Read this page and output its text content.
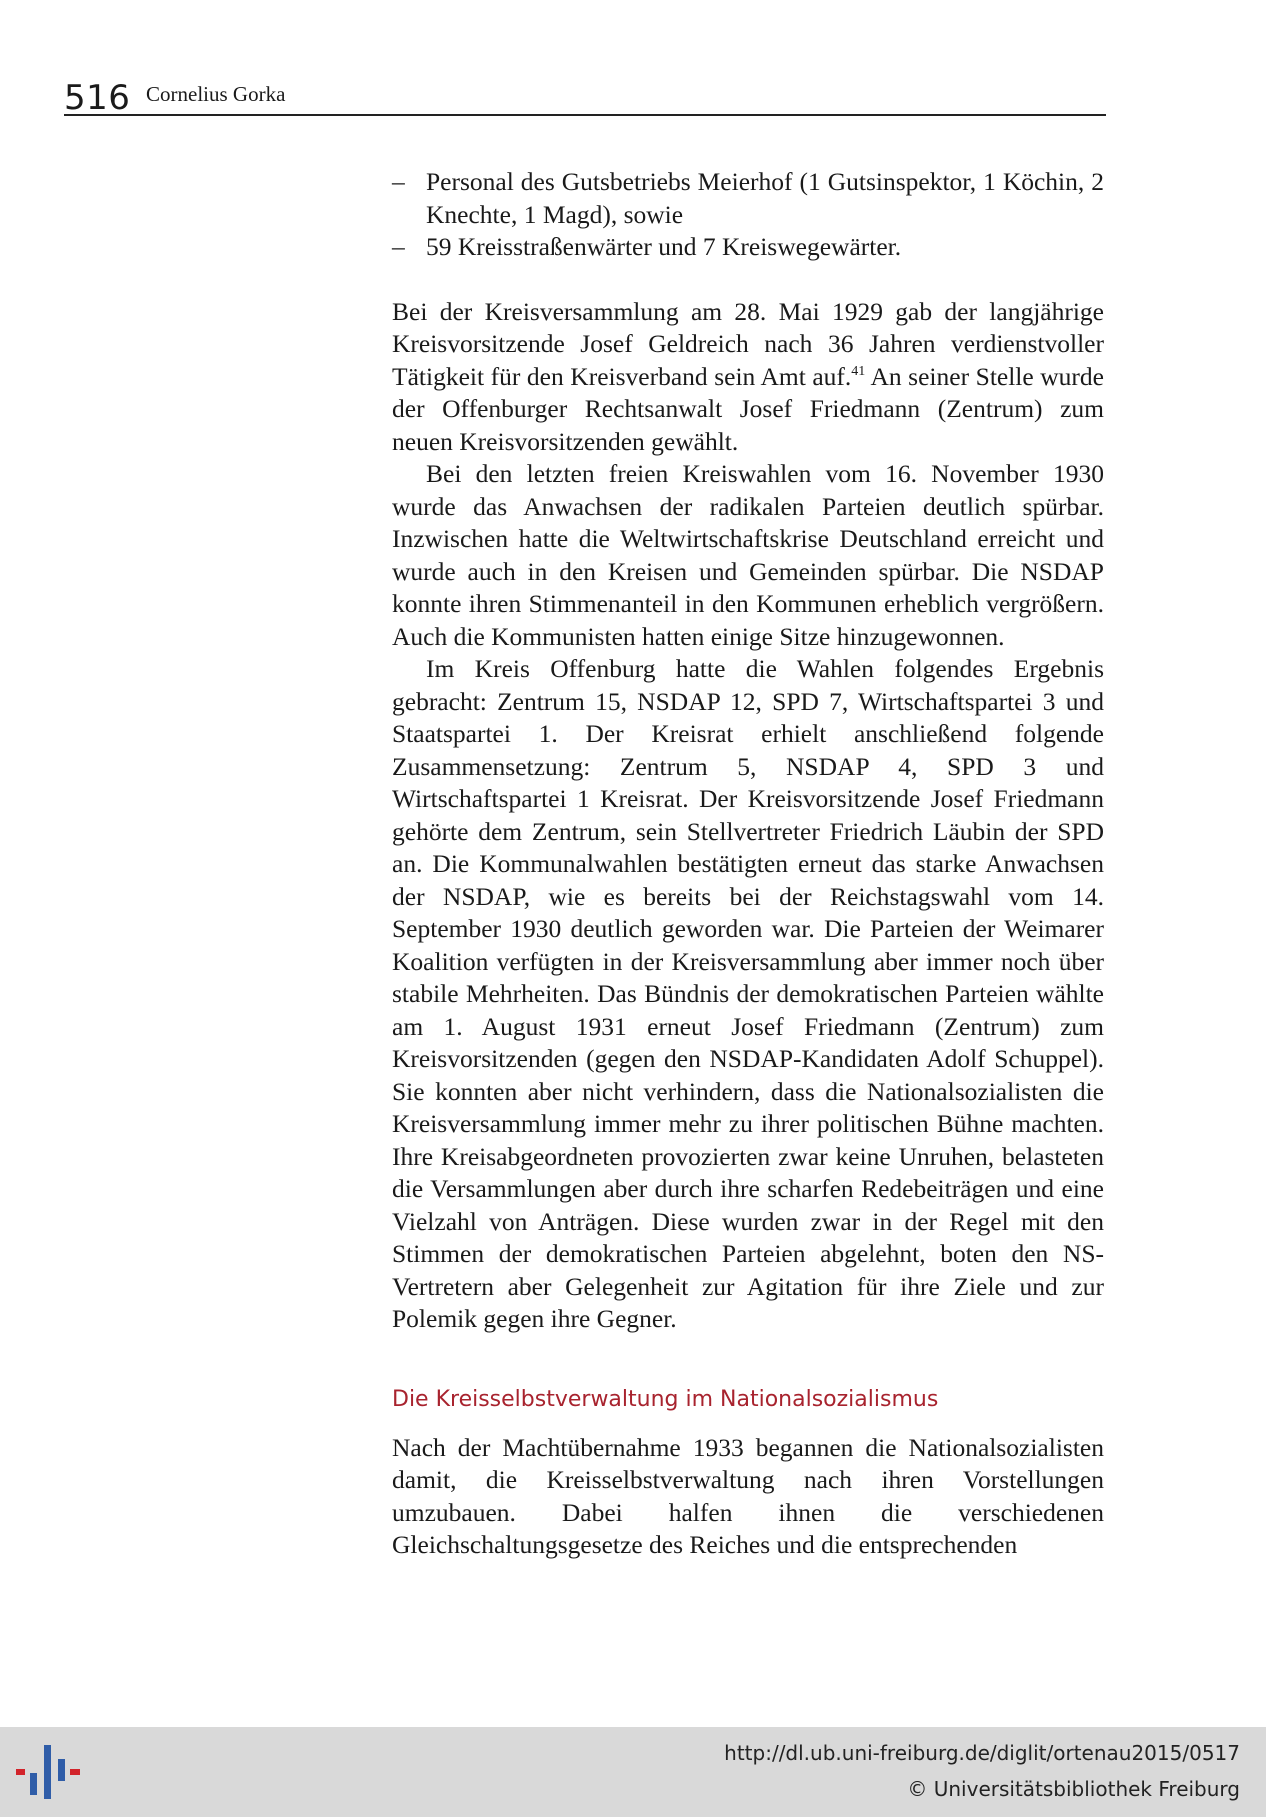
516 Cornelius Gorka
– Personal des Gutsbetriebs Meierhof (1 Gutsinspektor, 1 Köchin, 2 Knechte, 1 Magd), sowie
– 59 Kreisstraßenwärter und 7 Kreiswegewärter.

Bei der Kreisversammlung am 28. Mai 1929 gab der langjährige Kreisvorsitzende Josef Geldreich nach 36 Jahren verdienstvoller Tätigkeit für den Kreisverband sein Amt auf.$^{41}$ An seiner Stelle wurde der Offenburger Rechtsanwalt Josef Friedmann (Zentrum) zum neuen Kreisvorsitzenden gewählt.

Bei den letzten freien Kreiswahlen vom 16. November 1930 wurde das Anwachsen der radikalen Parteien deutlich spürbar. Inzwischen hatte die Weltwirtschaftskrise Deutschland erreicht und wurde auch in den Kreisen und Gemeinden spürbar. Die NSDAP konnte ihren Stimmenanteil in den Kommunen erheblich vergrößern. Auch die Kommunisten hatten einige Sitze hinzugewonnen.

Im Kreis Offenburg hatte die Wahlen folgendes Ergebnis gebracht: Zentrum 15, NSDAP 12, SPD 7, Wirtschaftspartei 3 und Staatspartei 1. Der Kreisrat erhielt anschließend folgende Zusammensetzung: Zentrum 5, NSDAP 4, SPD 3 und Wirtschaftspartei 1 Kreisrat. Der Kreisvorsitzende Josef Friedmann gehörte dem Zentrum, sein Stellvertreter Friedrich Läubin der SPD an. Die Kommunalwahlen bestätigten erneut das starke Anwachsen der NSDAP, wie es bereits bei der Reichstagswahl vom 14. September 1930 deutlich geworden war. Die Parteien der Weimarer Koalition verfügten in der Kreisversammlung aber immer noch über stabile Mehrheiten. Das Bündnis der demokratischen Parteien wählte am 1. August 1931 erneut Josef Friedmann (Zentrum) zum Kreisvorsitzenden (gegen den NSDAP-Kandidaten Adolf Schuppel). Sie konnten aber nicht verhindern, dass die Nationalsozialisten die Kreisversammlung immer mehr zu ihrer politischen Bühne machten. Ihre Kreisabgeordneten provozierten zwar keine Unruhen, belasteten die Versammlungen aber durch ihre scharfen Redebeiträgen und eine Vielzahl von Anträgen. Diese wurden zwar in der Regel mit den Stimmen der demokratischen Parteien abgelehnt, boten den NS-Vertretern aber Gelegenheit zur Agitation für ihre Ziele und zur Polemik gegen ihre Gegner.

Die Kreisselbstverwaltung im Nationalsozialismus

Nach der Machtübernahme 1933 begannen die Nationalsozialisten damit, die Kreisselbstverwaltung nach ihren Vorstellungen umzubauen. Dabei halfen ihnen die verschiedenen Gleichschaltungsgesetze des Reiches und die entsprechenden

http://dl.ub.uni-freiburg.de/diglit/ortenau2015/0517
© Universitätsbibliothek Freiburg
